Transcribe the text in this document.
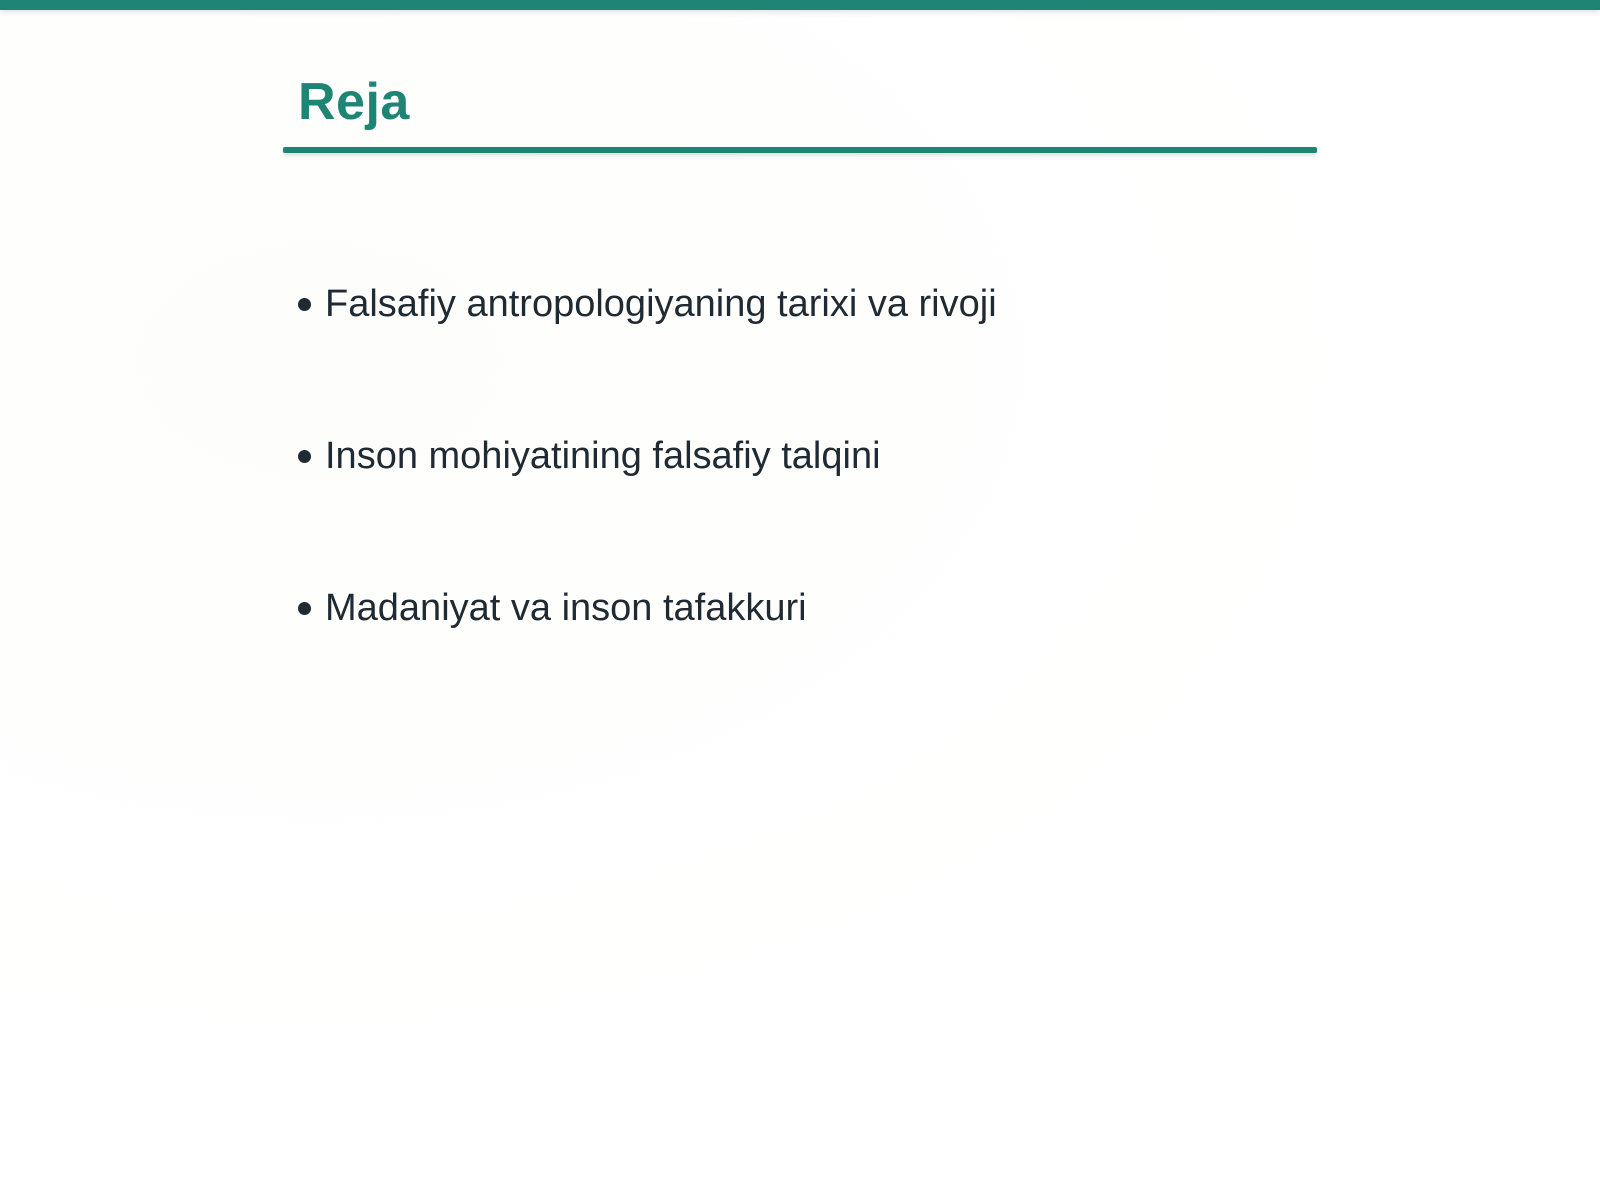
Reja
Falsafiy antropologiyaning tarixi va rivoji
Inson mohiyatining falsafiy talqini
Madaniyat va inson tafakkuri
